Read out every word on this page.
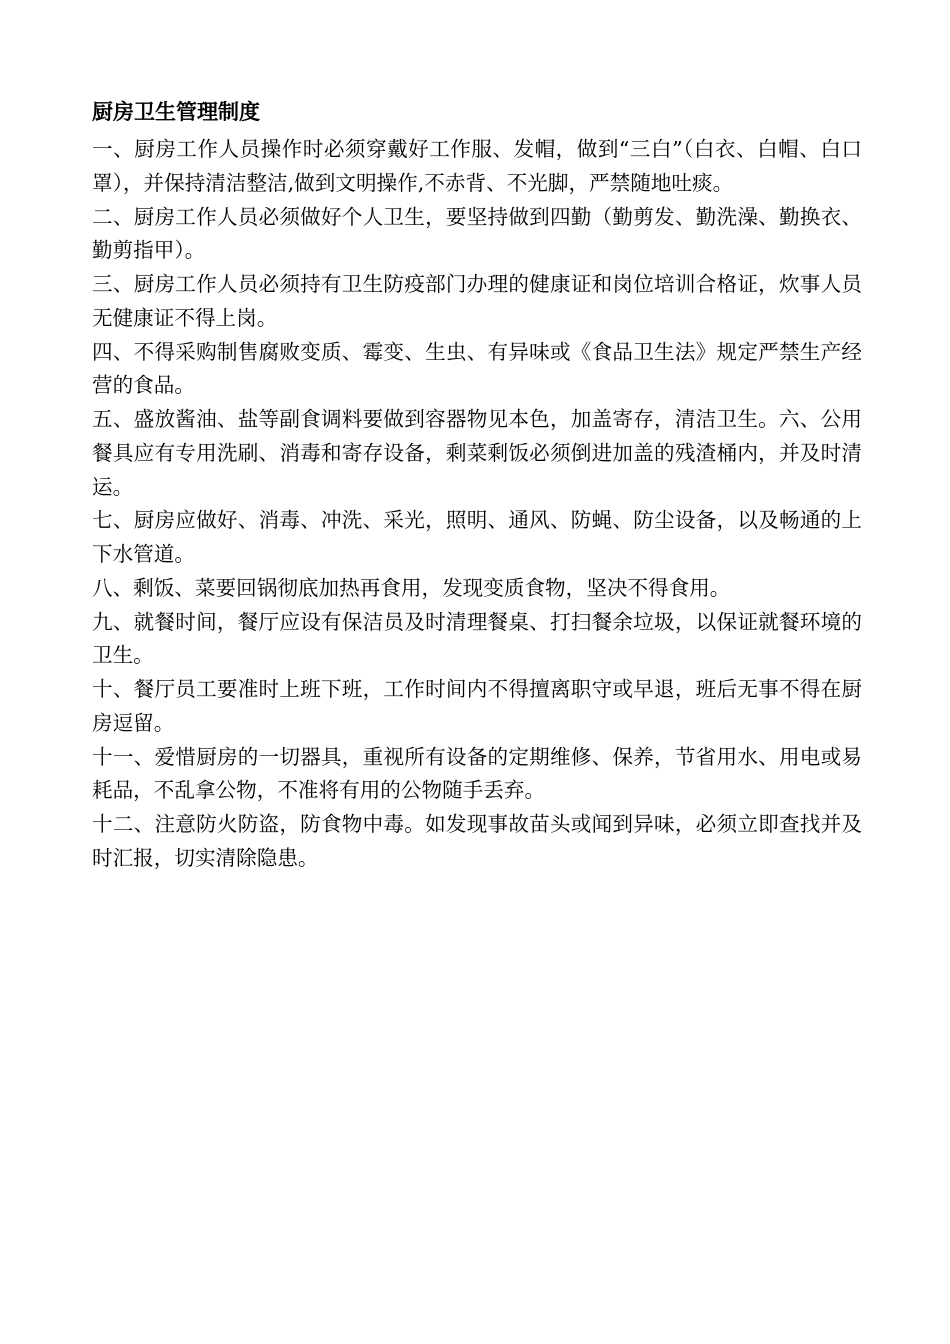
厨房卫生管理制度
一、厨房工作人员操作时必须穿戴好工作服、发帽，做到“三白”（白衣、白帽、白口罩），并保持清洁整洁,做到文明操作,不赤背、不光脚，严禁随地吐痰。
二、厨房工作人员必须做好个人卫生，要坚持做到四勤（勤剪发、勤洗澡、勤换衣、勤剪指甲）。
三、厨房工作人员必须持有卫生防疫部门办理的健康证和岗位培训合格证，炊事人员无健康证不得上岗。
四、不得采购制售腐败变质、霉变、生虫、有异味或《食品卫生法》规定严禁生产经营的食品。
五、盛放酱油、盐等副食调料要做到容器物见本色，加盖寄存，清洁卫生。六、公用餐具应有专用洗刷、消毒和寄存设备，剩菜剩饭必须倒进加盖的残渣桶内，并及时清运。
七、厨房应做好、消毒、冲洗、采光，照明、通风、防蝇、防尘设备，以及畅通的上下水管道。
八、剩饭、菜要回锅彻底加热再食用，发现变质食物，坚决不得食用。
九、就餐时间，餐厅应设有保洁员及时清理餐桌、打扫餐余垃圾，以保证就餐环境的卫生。
十、餐厅员工要准时上班下班，工作时间内不得擅离职守或早退，班后无事不得在厨房逗留。
十一、爱惜厨房的一切器具，重视所有设备的定期维修、保养，节省用水、用电或易耗品，不乱拿公物，不准将有用的公物随手丢弃。
十二、注意防火防盗，防食物中毒。如发现事故苗头或闻到异味，必须立即查找并及时汇报，切实清除隐患。
